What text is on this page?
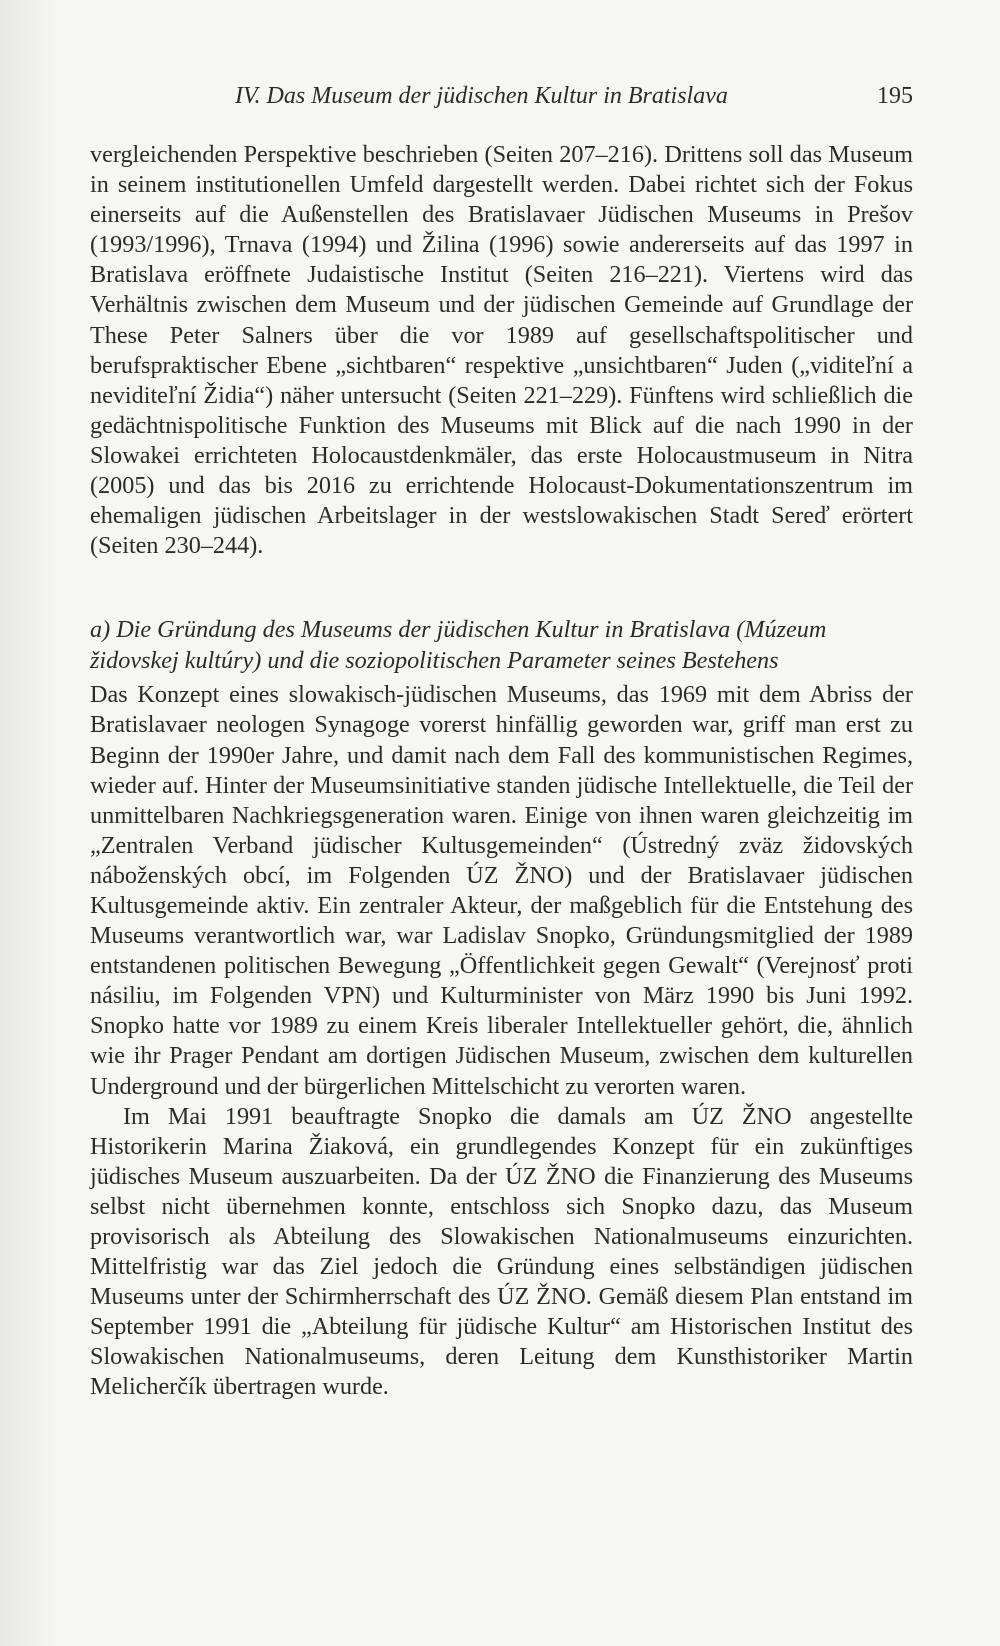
IV. Das Museum der jüdischen Kultur in Bratislava	195

vergleichenden Perspektive beschrieben (Seiten 207–216). Drittens soll das Museum in seinem institutionellen Umfeld dargestellt werden. Dabei richtet sich der Fokus einerseits auf die Außenstellen des Bratislavaer Jüdischen Museums in Prešov (1993/1996), Trnava (1994) und Žilina (1996) sowie andererseits auf das 1997 in Bratislava eröffnete Judaistische Institut (Seiten 216–221). Viertens wird das Verhältnis zwischen dem Museum und der jüdischen Gemeinde auf Grundlage der These Peter Salners über die vor 1989 auf gesellschaftspolitischer und berufspraktischer Ebene „sichtbaren“ respektive „unsichtbaren“ Juden („viditeľní a neviditeľní Židia“) näher untersucht (Seiten 221–229). Fünftens wird schließlich die gedächtnispolitische Funktion des Museums mit Blick auf die nach 1990 in der Slowakei errichteten Holocaustdenkmäler, das erste Holocaustmuseum in Nitra (2005) und das bis 2016 zu errichtende Holocaust-Dokumentationszentrum im ehemaligen jüdischen Arbeitslager in der westslowakischen Stadt Sereď erörtert (Seiten 230–244).

a) Die Gründung des Museums der jüdischen Kultur in Bratislava (Múzeum židovskej kultúry) und die soziopolitischen Parameter seines Bestehens

Das Konzept eines slowakisch-jüdischen Museums, das 1969 mit dem Abriss der Bratislavaer neologen Synagoge vorerst hinfällig geworden war, griff man erst zu Beginn der 1990er Jahre, und damit nach dem Fall des kommunistischen Regimes, wieder auf. Hinter der Museumsinitiative standen jüdische Intellektuelle, die Teil der unmittelbaren Nachkriegsgeneration waren. Einige von ihnen waren gleichzeitig im „Zentralen Verband jüdischer Kultusgemeinden“ (Ústredný zväz židovských náboženských obcí, im Folgenden ÚZ ŽNO) und der Bratislavaer jüdischen Kultusgemeinde aktiv. Ein zentraler Akteur, der maßgeblich für die Entstehung des Museums verantwortlich war, war Ladislav Snopko, Gründungsmitglied der 1989 entstandenen politischen Bewegung „Öffentlichkeit gegen Gewalt“ (Verejnosť proti násiliu, im Folgenden VPN) und Kulturminister von März 1990 bis Juni 1992. Snopko hatte vor 1989 zu einem Kreis liberaler Intellektueller gehört, die, ähnlich wie ihr Prager Pendant am dortigen Jüdischen Museum, zwischen dem kulturellen Underground und der bürgerlichen Mittelschicht zu verorten waren.

Im Mai 1991 beauftragte Snopko die damals am ÚZ ŽNO angestellte Historikerin Marina Žiaková, ein grundlegendes Konzept für ein zukünftiges jüdisches Museum auszuarbeiten. Da der ÚZ ŽNO die Finanzierung des Museums selbst nicht übernehmen konnte, entschloss sich Snopko dazu, das Museum provisorisch als Abteilung des Slowakischen Nationalmuseums einzurichten. Mittelfristig war das Ziel jedoch die Gründung eines selbständigen jüdischen Museums unter der Schirmherrschaft des ÚZ ŽNO. Gemäß diesem Plan entstand im September 1991 die „Abteilung für jüdische Kultur“ am Historischen Institut des Slowakischen Nationalmuseums, deren Leitung dem Kunsthistoriker Martin Melicherčík übertragen wurde.
